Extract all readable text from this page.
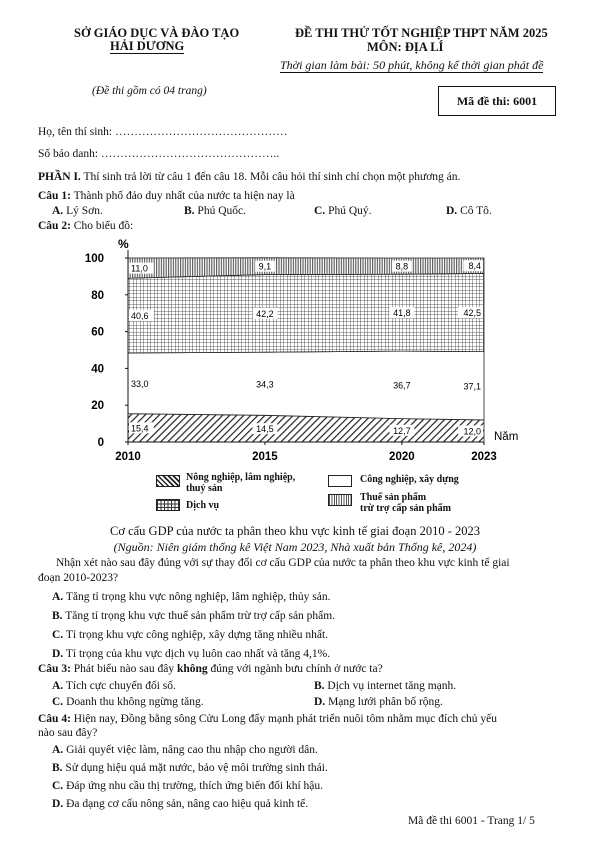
SỞ GIÁO DỤC VÀ ĐÀO TẠO
HẢI DƯƠNG
ĐỀ THI THỬ TỐT NGHIỆP THPT NĂM 2025
MÔN: ĐỊA LÍ
Thời gian làm bài: 50 phút, không kể thời gian phát đề
(Đề thi gồm có 04 trang)
Mã đề thi: 6001
Họ, tên thí sinh: ………………………………………
Số báo danh: ………………………………………..
PHẦN I. Thí sinh trả lời từ câu 1 đến câu 18. Mỗi câu hỏi thí sinh chỉ chọn một phương án.
Câu 1: Thành phố đảo duy nhất của nước ta hiện nay là
A. Lý Sơn.	B. Phú Quốc.	C. Phú Quý.	D. Cô Tô.
Câu 2: Cho biểu đồ:
0
20
40
60
80
100
2010	2015	2020	2023
15,4	14,5	12,7	12,0
33,0	34,3	36,7	37,1
40,6	42,2	41,8	42,5
11,0	9,1	8,8	8,4
%
Năm
Nông nghiệp, lâm nghiệp,
thuỷ sản
Công nghiệp, xây dựng
Dịch vụ
Thuế sản phẩm
trừ trợ cấp sản phẩm
Cơ cấu GDP của nước ta phân theo khu vực kinh tế giai đoạn 2010 - 2023
(Nguồn: Niên giám thống kê Việt Nam 2023, Nhà xuất bản Thống kê, 2024)
Nhận xét nào sau đây đúng với sự thay đổi cơ cấu GDP của nước ta phân theo khu vực kinh tế giai
đoạn 2010-2023?
A. Tăng tỉ trọng khu vực nông nghiệp, lâm nghiệp, thủy sản.
B. Tăng tỉ trọng khu vực thuế sản phẩm trừ trợ cấp sản phẩm.
C. Tỉ trọng khu vực công nghiệp, xây dựng tăng nhiều nhất.
D. Tỉ trọng của khu vực dịch vụ luôn cao nhất và tăng 4,1%.
Câu 3: Phát biểu nào sau đây không đúng với ngành bưu chính ở nước ta?
A. Tích cực chuyển đổi số.	B. Dịch vụ internet tăng mạnh.
C. Doanh thu không ngừng tăng.	D. Mạng lưới phân bố rộng.
Câu 4: Hiện nay, Đồng bằng sông Cửu Long đẩy mạnh phát triển nuôi tôm nhằm mục đích chủ yếu
nào sau đây?
A. Giải quyết việc làm, nâng cao thu nhập cho người dân.
B. Sử dụng hiệu quả mặt nước, bảo vệ môi trường sinh thái.
C. Đáp ứng nhu cầu thị trường, thích ứng biến đổi khí hậu.
D. Đa dạng cơ cấu nông sản, nâng cao hiệu quả kinh tế.
Mã đề thi 6001 - Trang 1/ 5
